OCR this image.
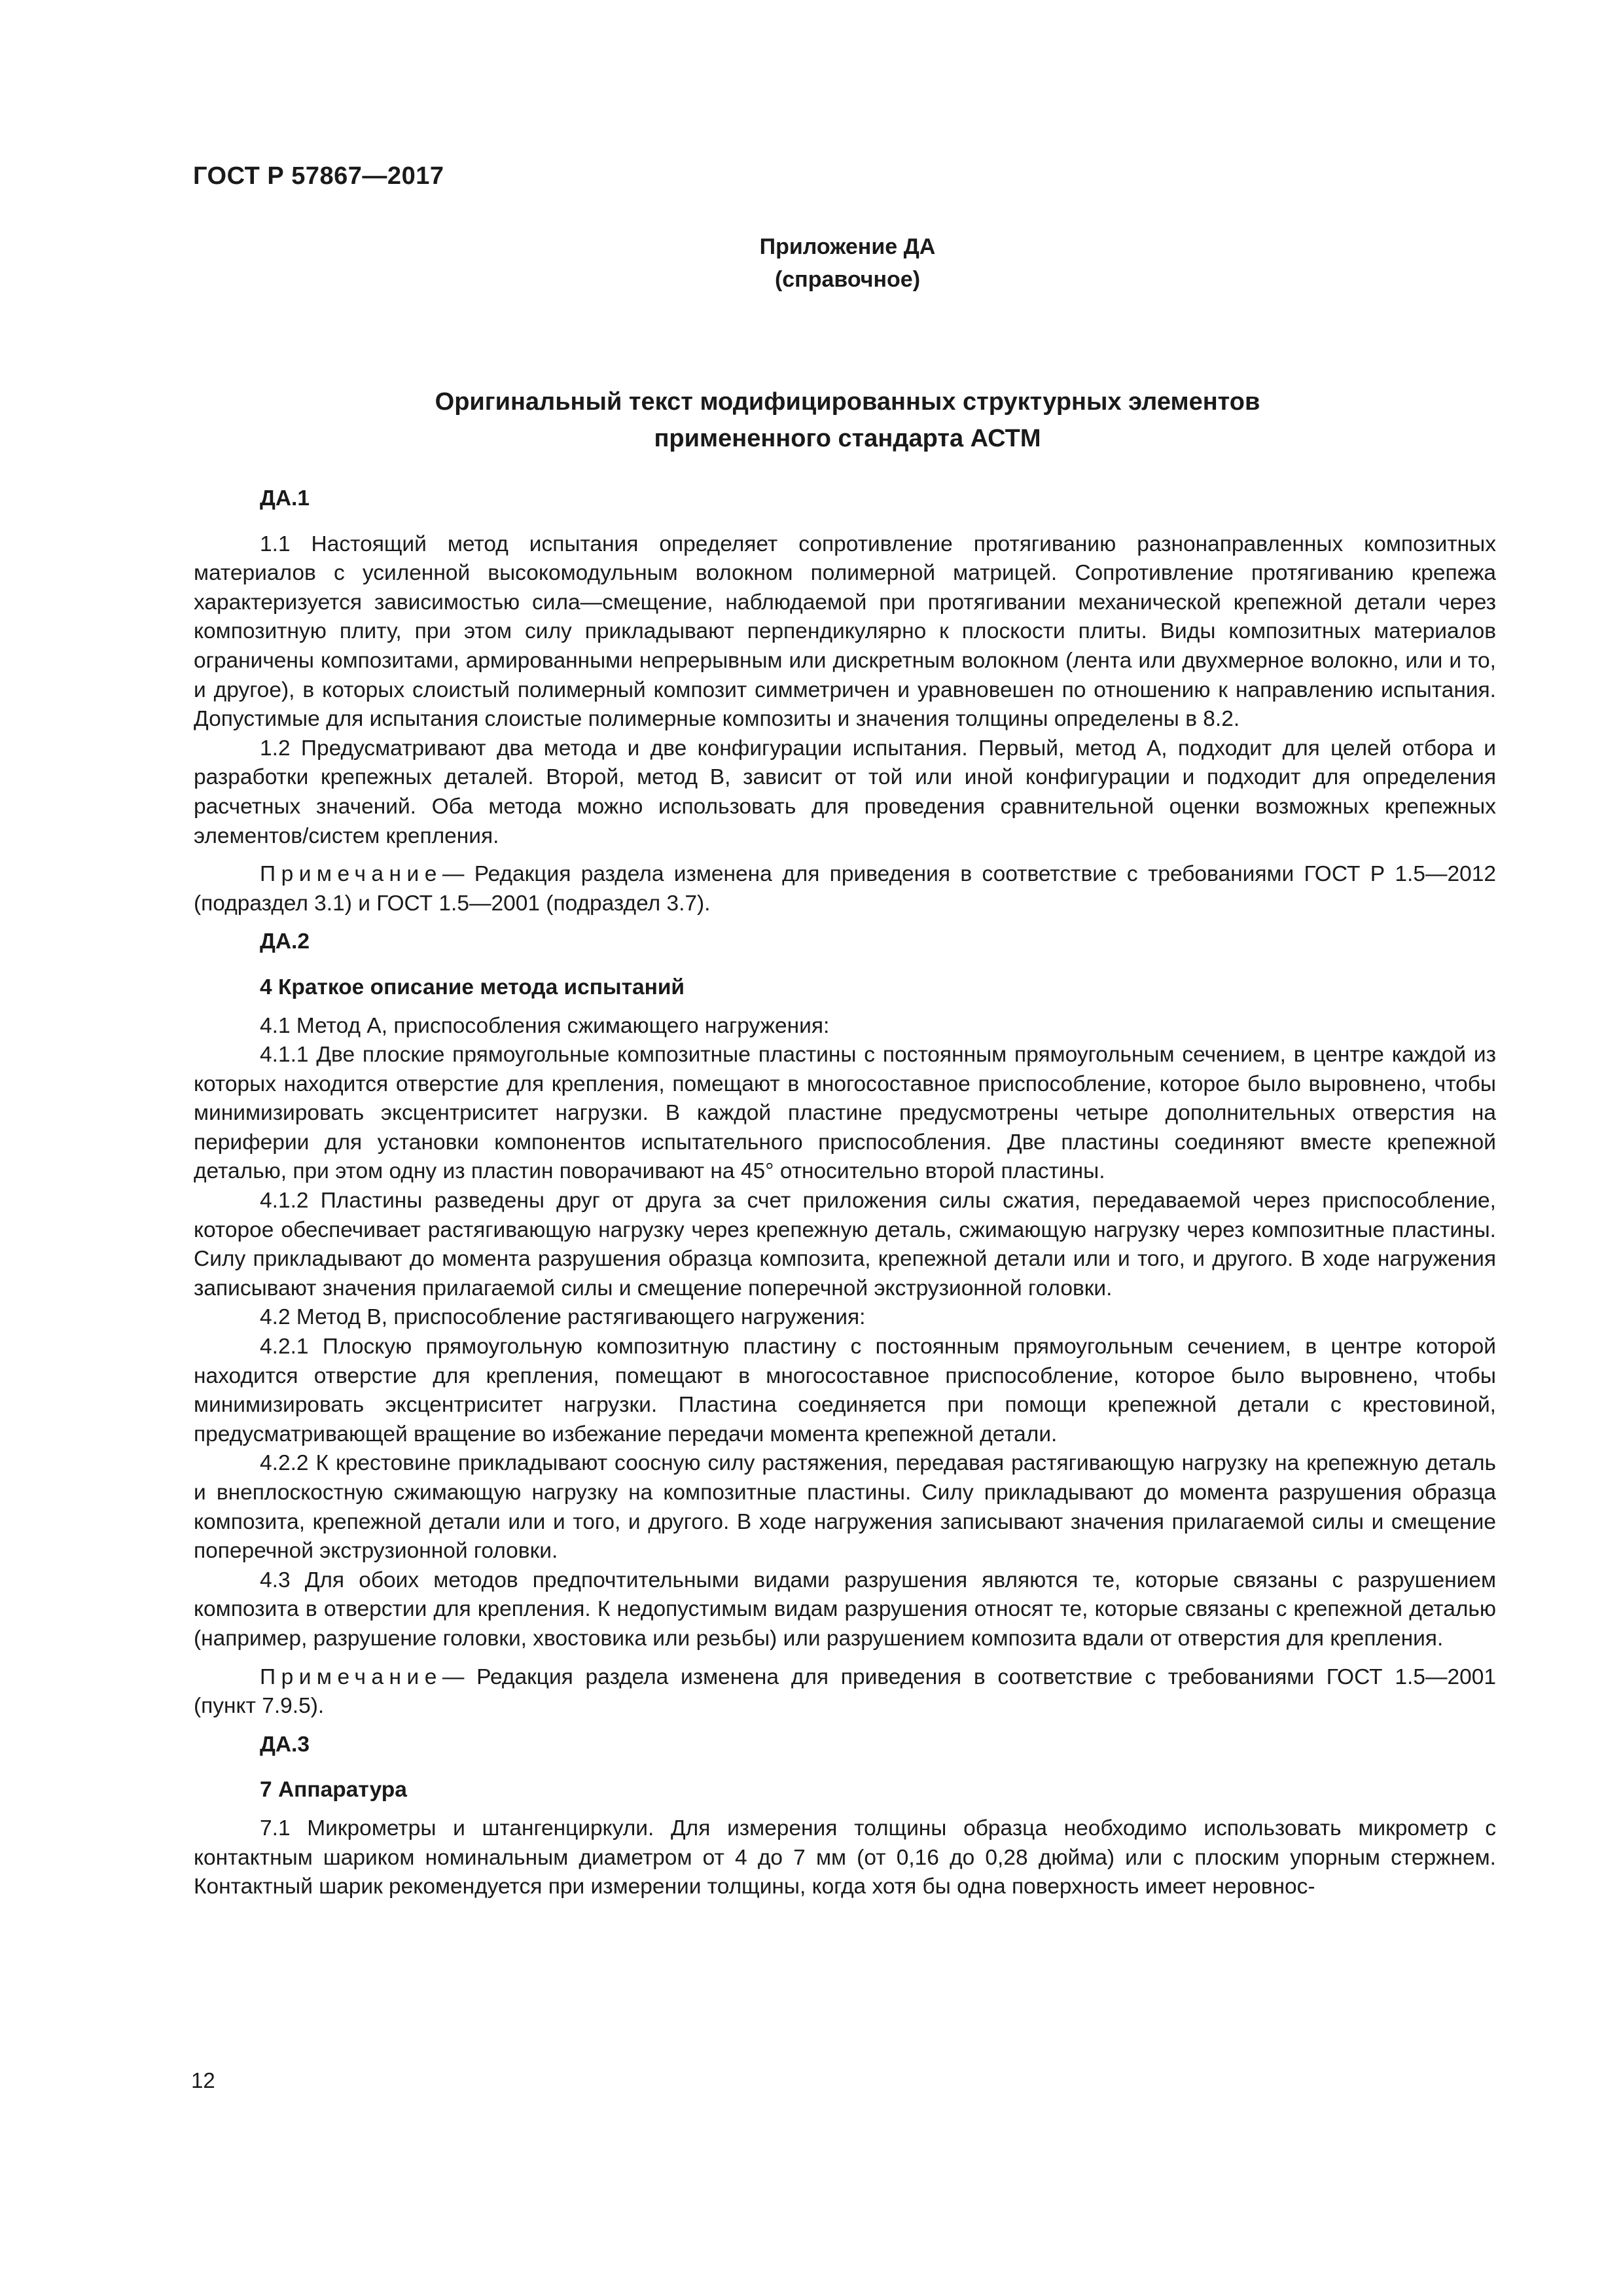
ГОСТ Р 57867—2017
Приложение ДА
(справочное)
Оригинальный текст модифицированных структурных элементов
примененного стандарта АСТМ
ДА.1

1.1 Настоящий метод испытания определяет сопротивление протягиванию разнонаправленных композитных материалов с усиленной высокомодульным волокном полимерной матрицей. Сопротивление протягиванию крепежа характеризуется зависимостью сила—смещение, наблюдаемой при протягивании механической крепежной детали через композитную плиту, при этом силу прикладывают перпендикулярно к плоскости плиты. Виды композитных материалов ограничены композитами, армированными непрерывным или дискретным волокном (лента или двухмерное волокно, или и то, и другое), в которых слоистый полимерный композит симметричен и уравновешен по отношению к направлению испытания. Допустимые для испытания слоистые полимерные композиты и значения толщины определены в 8.2.

1.2 Предусматривают два метода и две конфигурации испытания. Первый, метод А, подходит для целей отбора и разработки крепежных деталей. Второй, метод В, зависит от той или иной конфигурации и подходит для определения расчетных значений. Оба метода можно использовать для проведения сравнительной оценки возможных крепежных элементов/систем крепления.

Примечание— Редакция раздела изменена для приведения в соответствие с требованиями ГОСТ Р 1.5—2012 (подраздел 3.1) и ГОСТ 1.5—2001 (подраздел 3.7).

ДА.2
4 Краткое описание метода испытаний

4.1 Метод А, приспособления сжимающего нагружения:

4.1.1 Две плоские прямоугольные композитные пластины с постоянным прямоугольным сечением, в центре каждой из которых находится отверстие для крепления, помещают в многосоставное приспособление, которое было выровнено, чтобы минимизировать эксцентриситет нагрузки. В каждой пластине предусмотрены четыре дополнительных отверстия на периферии для установки компонентов испытательного приспособления. Две пластины соединяют вместе крепежной деталью, при этом одну из пластин поворачивают на 45° относительно второй пластины.

4.1.2 Пластины разведены друг от друга за счет приложения силы сжатия, передаваемой через приспособление, которое обеспечивает растягивающую нагрузку через крепежную деталь, сжимающую нагрузку через композитные пластины. Силу прикладывают до момента разрушения образца композита, крепежной детали или и того, и другого. В ходе нагружения записывают значения прилагаемой силы и смещение поперечной экструзионной головки.

4.2 Метод В, приспособление растягивающего нагружения:

4.2.1 Плоскую прямоугольную композитную пластину с постоянным прямоугольным сечением, в центре которой находится отверстие для крепления, помещают в многосоставное приспособление, которое было выровнено, чтобы минимизировать эксцентриситет нагрузки. Пластина соединяется при помощи крепежной детали с крестовиной, предусматривающей вращение во избежание передачи момента крепежной детали.

4.2.2 К крестовине прикладывают соосную силу растяжения, передавая растягивающую нагрузку на крепежную деталь и внеплоскостную сжимающую нагрузку на композитные пластины. Силу прикладывают до момента разрушения образца композита, крепежной детали или и того, и другого. В ходе нагружения записывают значения прилагаемой силы и смещение поперечной экструзионной головки.

4.3 Для обоих методов предпочтительными видами разрушения являются те, которые связаны с разрушением композита в отверстии для крепления. К недопустимым видам разрушения относят те, которые связаны с крепежной деталью (например, разрушение головки, хвостовика или резьбы) или разрушением композита вдали от отверстия для крепления.

Примечание— Редакция раздела изменена для приведения в соответствие с требованиями ГОСТ 1.5—2001 (пункт 7.9.5).

ДА.3
7 Аппаратура

7.1 Микрометры и штангенциркули. Для измерения толщины образца необходимо использовать микрометр с контактным шариком номинальным диаметром от 4 до 7 мм (от 0,16 до 0,28 дюйма) или с плоским упорным стержнем. Контактный шарик рекомендуется при измерении толщины, когда хотя бы одна поверхность имеет неровнос-

12
